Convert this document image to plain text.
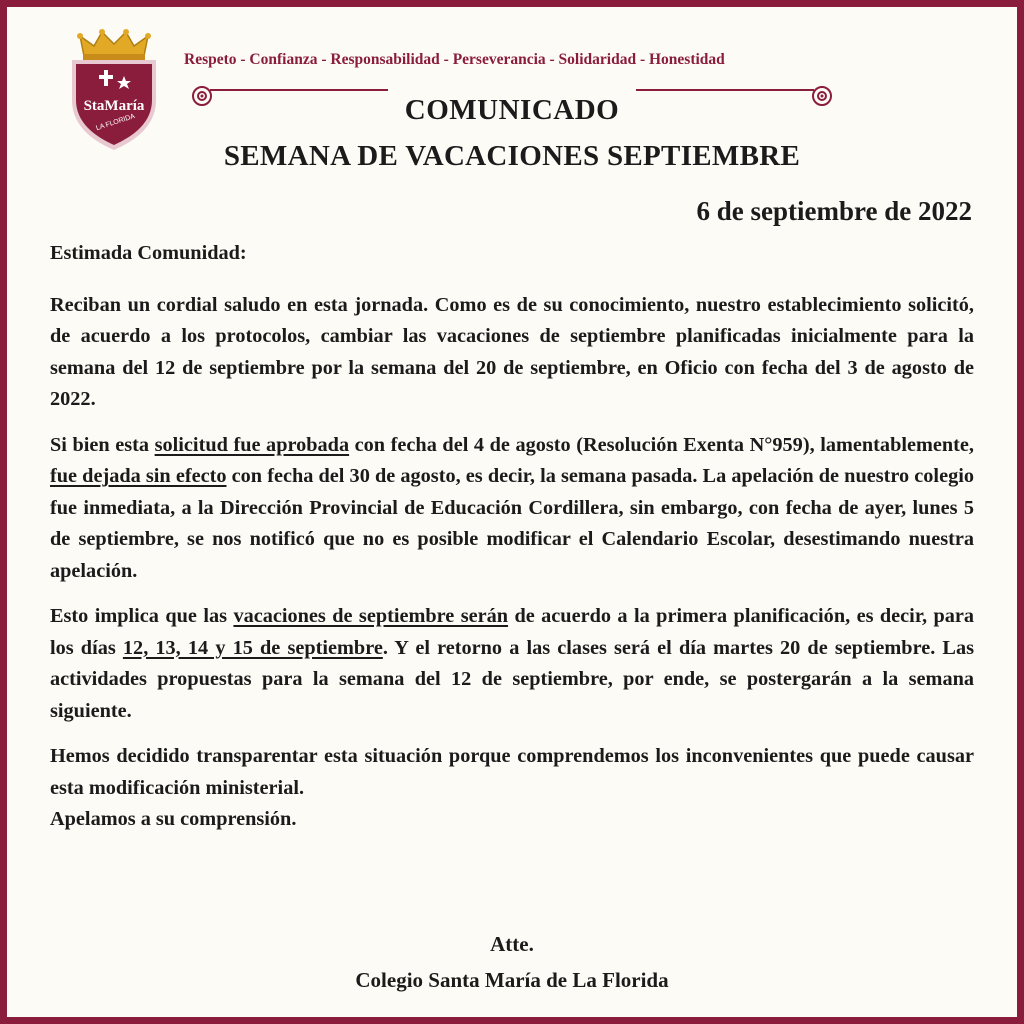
StaMaría
LA FLORIDA
Respeto - Confianza - Responsabilidad - Perseverancia - Solidaridad - Honestidad
COMUNICADO
SEMANA DE VACACIONES SEPTIEMBRE
6 de septiembre de 2022

Estimada Comunidad:

Reciban un cordial saludo en esta jornada. Como es de su conocimiento, nuestro establecimiento solicitó, de acuerdo a los protocolos, cambiar las vacaciones de septiembre planificadas inicialmente para la semana del 12 de septiembre por la semana del 20 de septiembre, en Oficio con fecha del 3 de agosto de 2022.

Si bien esta solicitud fue aprobada con fecha del 4 de agosto (Resolución Exenta N°959), lamentablemente, fue dejada sin efecto con fecha del 30 de agosto, es decir, la semana pasada. La apelación de nuestro colegio fue inmediata, a la Dirección Provincial de Educación Cordillera, sin embargo, con fecha de ayer, lunes 5 de septiembre, se nos notificó que no es posible modificar el Calendario Escolar, desestimando nuestra apelación.

Esto implica que las vacaciones de septiembre serán de acuerdo a la primera planificación, es decir, para los días 12, 13, 14 y 15 de septiembre. Y el retorno a las clases será el día martes 20 de septiembre. Las actividades propuestas para la semana del 12 de septiembre, por ende, se postergarán a la semana siguiente.

Hemos decidido transparentar esta situación porque comprendemos los inconvenientes que puede causar esta modificación ministerial.

Apelamos a su comprensión.

Atte.
Colegio Santa María de La Florida
